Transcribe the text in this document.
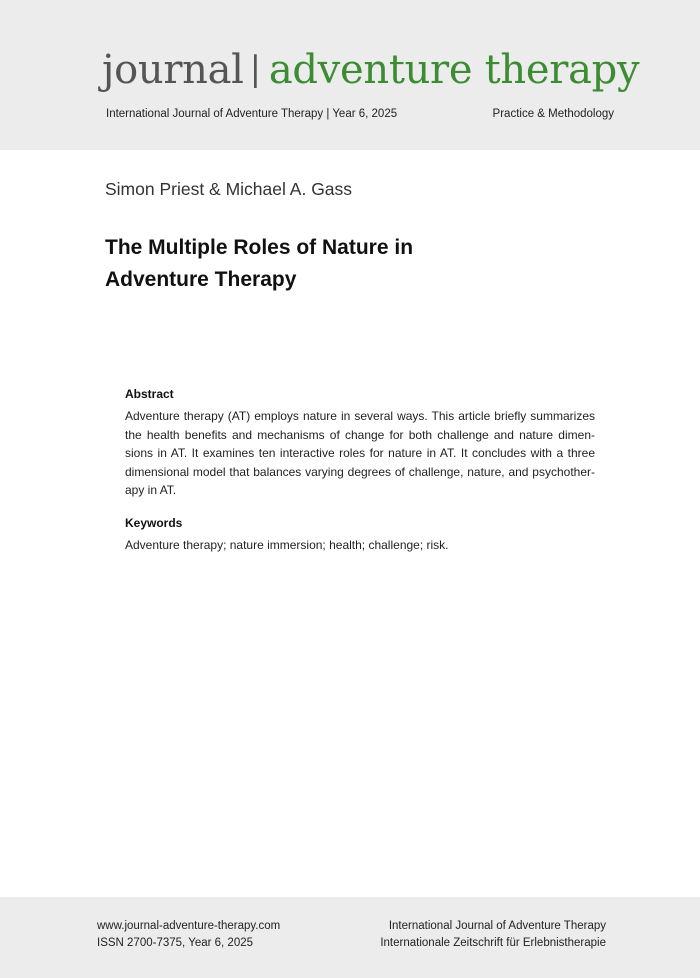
journal | adventure therapy
International Journal of Adventure Therapy | Year 6, 2025	Practice & Methodology
Simon Priest & Michael A. Gass
The Multiple Roles of Nature in
Adventure Therapy
Abstract

Adventure therapy (AT) employs nature in several ways. This article briefly summarizes
the health benefits and mechanisms of change for both challenge and nature dimen-
sions in AT. It examines ten interactive roles for nature in AT. It concludes with a three
dimensional model that balances varying degrees of challenge, nature, and psychother-
apy in AT.

Keywords

Adventure therapy; nature immersion; health; challenge; risk.

www.journal-adventure-therapy.com
ISSN 2700-7375, Year 6, 2025
International Journal of Adventure Therapy
Internationale Zeitschrift für Erlebnistherapie
